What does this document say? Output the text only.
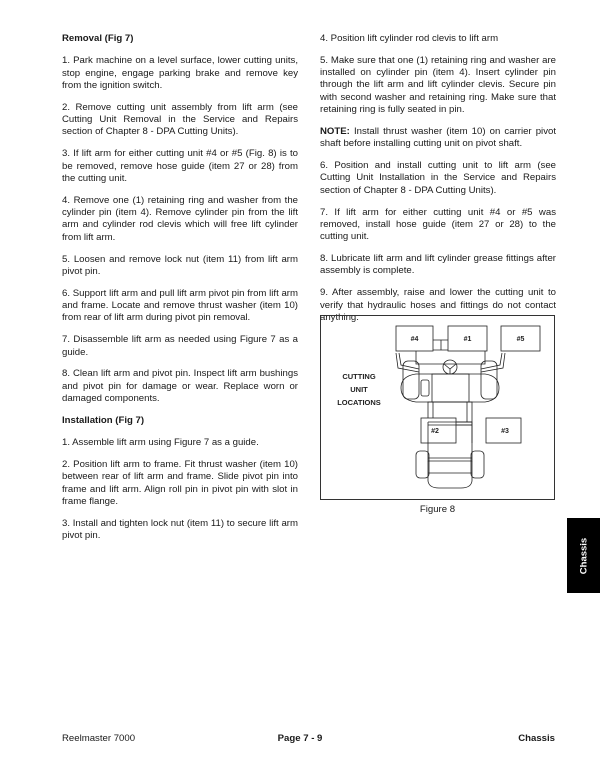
Removal (Fig 7)

1. Park machine on a level surface, lower cutting units, stop engine, engage parking brake and remove key from the ignition switch.

2. Remove cutting unit assembly from lift arm (see Cutting Unit Removal in the Service and Repairs section of Chapter 8 - DPA Cutting Units).

3. If lift arm for either cutting unit #4 or #5 (Fig. 8) is to be removed, remove hose guide (item 27 or 28) from the cutting unit.

4. Remove one (1) retaining ring and washer from the cylinder pin (item 4). Remove cylinder pin from the lift arm and cylinder rod clevis which will free lift cylinder from lift arm.

5. Loosen and remove lock nut (item 11) from lift arm pivot pin.

6. Support lift arm and pull lift arm pivot pin from lift arm and frame. Locate and remove thrust washer (item 10) from rear of lift arm during pivot pin removal.

7. Disassemble lift arm as needed using Figure 7 as a guide.

8. Clean lift arm and pivot pin. Inspect lift arm bushings and pivot pin for damage or wear. Replace worn or damaged components.

Installation (Fig 7)

1. Assemble lift arm using Figure 7 as a guide.

2. Position lift arm to frame. Fit thrust washer (item 10) between rear of lift arm and frame. Slide pivot pin into frame and lift arm. Align roll pin in pivot pin with slot in frame flange.

3. Install and tighten lock nut (item 11) to secure lift arm pivot pin.

4. Position lift cylinder rod clevis to lift arm

5. Make sure that one (1) retaining ring and washer are installed on cylinder pin (item 4). Insert cylinder pin through the lift arm and lift cylinder clevis. Secure pin with second washer and retaining ring. Make sure that retaining ring is fully seated in pin.

NOTE: Install thrust washer (item 10) on carrier pivot shaft before installing cutting unit on pivot shaft.

6. Position and install cutting unit to lift arm (see Cutting Unit Installation in the Service and Repairs section of Chapter 8 - DPA Cutting Units).

7. If lift arm for either cutting unit #4 or #5 was removed, install hose guide (item 27 or 28) to the cutting unit.

8. Lubricate lift arm and lift cylinder grease fittings after assembly is complete.

9. After assembly, raise and lower the cutting unit to verify that hydraulic hoses and fittings do not contact anything.

#4	#1	#5
#2	#3
CUTTING
UNIT
LOCATIONS
Figure 8
Chassis
Page 7 - 9
Reelmaster 7000	Chassis
